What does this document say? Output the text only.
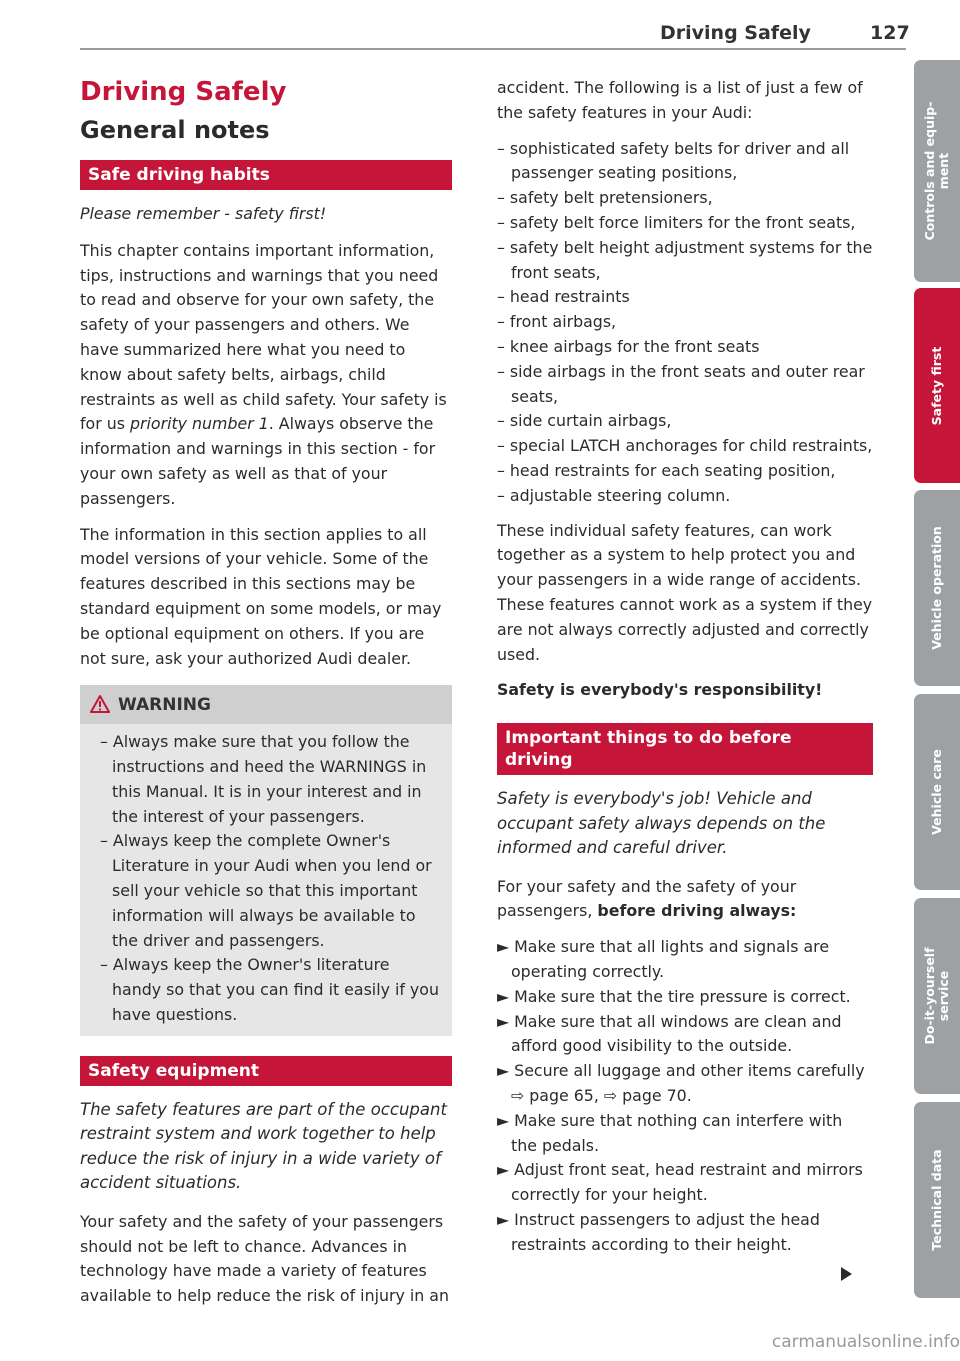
Driving Safely	127
Driving Safely
General notes
Safe driving habits
Please remember - safety first!

This chapter contains important information, tips, instructions and warnings that you need to read and observe for your own safety, the safety of your passengers and others. We have summarized here what you need to know about safety belts, airbags, child restraints as well as child safety. Your safety is for us priority number 1. Always observe the information and warnings in this section - for your own safety as well as that of your passengers.

The information in this section applies to all model versions of your vehicle. Some of the features described in this sections may be standard equipment on some models, or may be optional equipment on others. If you are not sure, ask your authorized Audi dealer.

WARNING
– Always make sure that you follow the instructions and heed the WARNINGS in this Manual. It is in your interest and in the interest of your passengers.
– Always keep the complete Owner's Literature in your Audi when you lend or sell your vehicle so that this important information will always be available to the driver and passengers.
– Always keep the Owner's literature handy so that you can find it easily if you have questions.
Safety equipment
The safety features are part of the occupant restraint system and work together to help reduce the risk of injury in a wide variety of accident situations.

Your safety and the safety of your passengers should not be left to chance. Advances in technology have made a variety of features available to help reduce the risk of injury in an

accident. The following is a list of just a few of the safety features in your Audi:

– sophisticated safety belts for driver and all passenger seating positions,
– safety belt pretensioners,
– safety belt force limiters for the front seats,
– safety belt height adjustment systems for the front seats,
– head restraints
– front airbags,
– knee airbags for the front seats
– side airbags in the front seats and outer rear seats,
– side curtain airbags,
– special LATCH anchorages for child restraints,
– head restraints for each seating position,
– adjustable steering column.

These individual safety features, can work together as a system to help protect you and your passengers in a wide range of accidents. These features cannot work as a system if they are not always correctly adjusted and correctly used.

Safety is everybody's responsibility!

Important things to do before driving
Safety is everybody's job! Vehicle and occupant safety always depends on the informed and careful driver.

For your safety and the safety of your passengers, before driving always:

► Make sure that all lights and signals are operating correctly.
► Make sure that the tire pressure is correct.
► Make sure that all windows are clean and afford good visibility to the outside.
► Secure all luggage and other items carefully ⇨ page 65, ⇨ page 70.
► Make sure that nothing can interfere with the pedals.
► Adjust front seat, head restraint and mirrors correctly for your height.
► Instruct passengers to adjust the head restraints according to their height.
Controls and equip-
ment
Safety first
Vehicle operation
Vehicle care
Do-it-yourself
service
Technical data
carmanualsonline.info
